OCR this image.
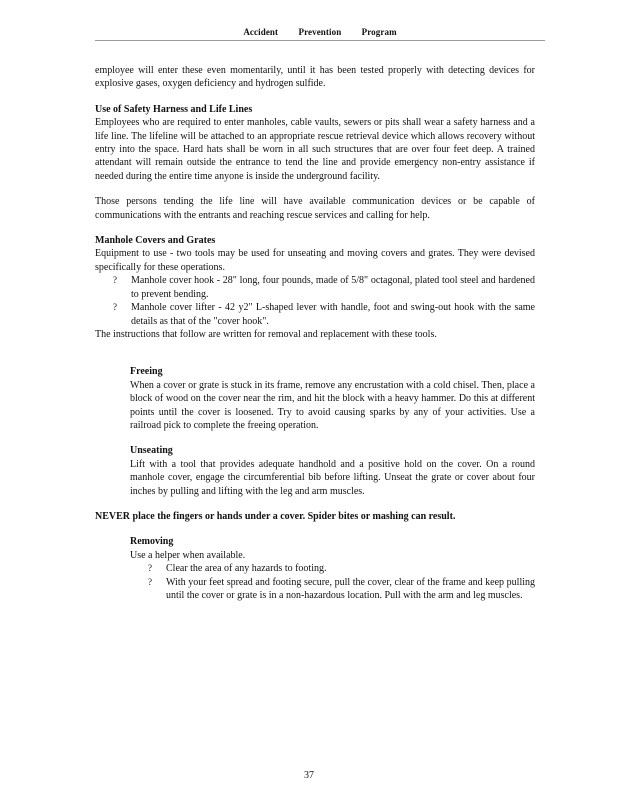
Accident Prevention Program

employee will enter these even momentarily, until it has been tested properly with detecting devices for explosive gases, oxygen deficiency and hydrogen sulfide.

Use of Safety Harness and Life Lines

Employees who are required to enter manholes, cable vaults, sewers or pits shall wear a safety harness and a life line. The lifeline will be attached to an appropriate rescue retrieval device which allows recovery without entry into the space. Hard hats shall be worn in all such structures that are over four feet deep. A trained attendant will remain outside the entrance to tend the line and provide emergency non-entry assistance if needed during the entire time anyone is inside the underground facility.

Those persons tending the life line will have available communication devices or be capable of communications with the entrants and reaching rescue services and calling for help.

Manhole Covers and Grates

Equipment to use - two tools may be used for unseating and moving covers and grates. They were devised specifically for these operations.

? Manhole cover hook - 28" long, four pounds, made of 5/8" octagonal, plated tool steel and hardened to prevent bending.
? Manhole cover lifter - 42 y2" L-shaped lever with handle, foot and swing-out hook with the same details as that of the "cover hook".

The instructions that follow are written for removal and replacement with these tools.

Freeing

When a cover or grate is stuck in its frame, remove any encrustation with a cold chisel. Then, place a block of wood on the cover near the rim, and hit the block with a heavy hammer. Do this at different points until the cover is loosened. Try to avoid causing sparks by any of your activities. Use a railroad pick to complete the freeing operation.

Unseating

Lift with a tool that provides adequate handhold and a positive hold on the cover. On a round manhole cover, engage the circumferential bib before lifting. Unseat the grate or cover about four inches by pulling and lifting with the leg and arm muscles.

NEVER place the fingers or hands under a cover. Spider bites or mashing can result.

Removing

Use a helper when available.

? Clear the area of any hazards to footing.
? With your feet spread and footing secure, pull the cover, clear of the frame and keep pulling until the cover or grate is in a non-hazardous location. Pull with the arm and leg muscles.
37
